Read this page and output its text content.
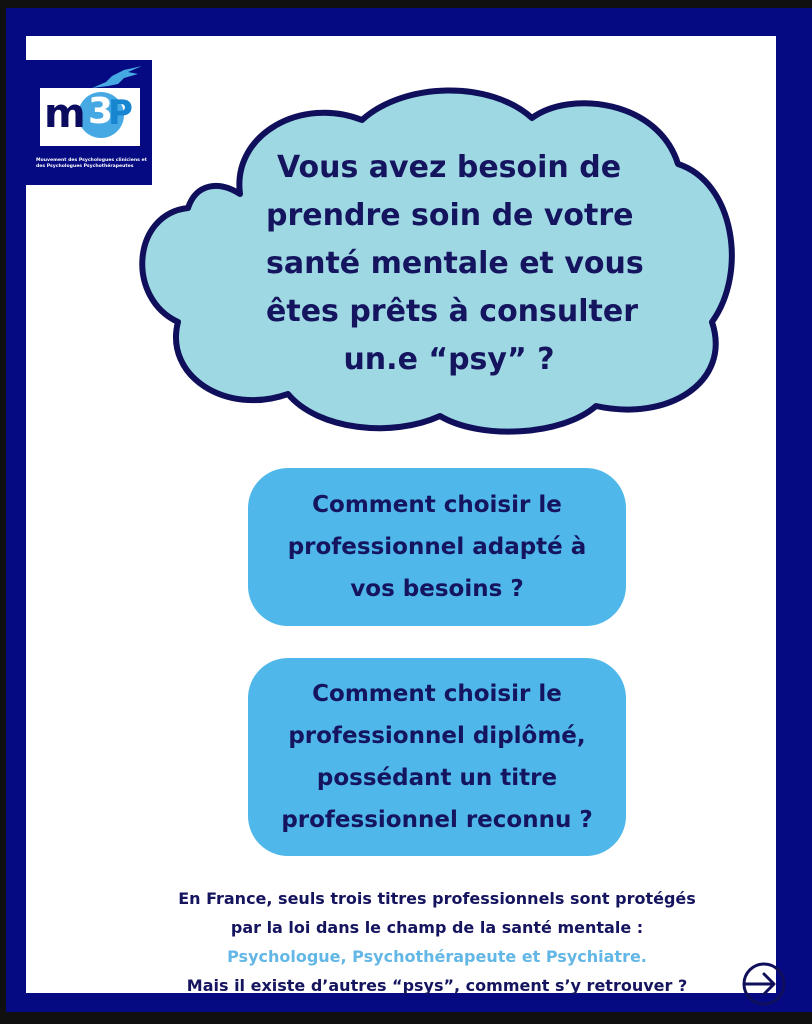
m 3
P
Mouvement des Psychologues cliniciens et
des Psychologues Psychothérapeutes	Vous avez besoin de
prendre soin de votre
santé mentale et vous
êtes prêts à consulter
un.e “psy” ?
Comment choisir le
professionnel adapté à
vos besoins ?
Comment choisir le
professionnel diplômé,
possédant un titre
professionnel reconnu ?
En France, seuls trois titres professionnels sont protégés
par la loi dans le champ de la santé mentale :
Psychologue, Psychothérapeute et Psychiatre.
Mais il existe d’autres “psys”, comment s’y retrouver ?
